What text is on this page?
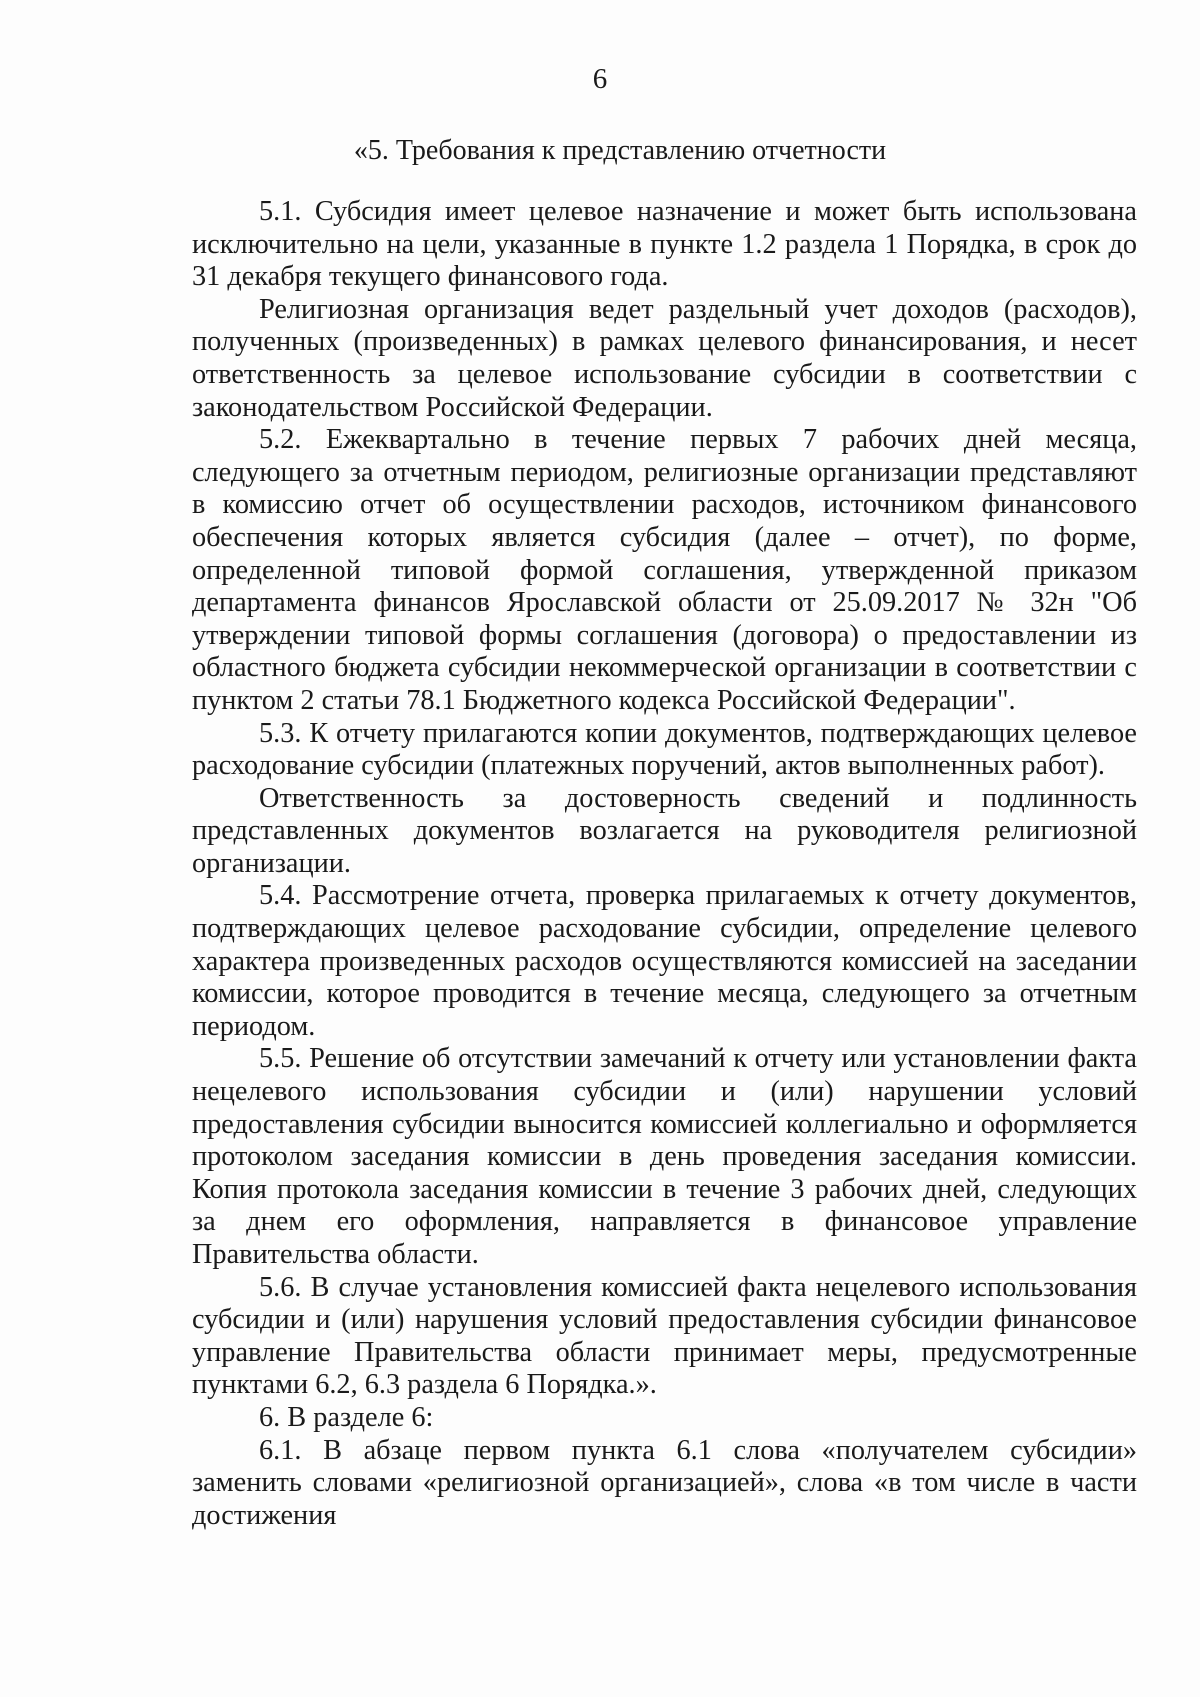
6
«5. Требования к представлению отчетности

5.1. Субсидия имеет целевое назначение и может быть использована исключительно на цели, указанные в пункте 1.2 раздела 1 Порядка, в срок до 31 декабря текущего финансового года.

Религиозная организация ведет раздельный учет доходов (расходов), полученных (произведенных) в рамках целевого финансирования, и несет ответственность за целевое использование субсидии в соответствии с законодательством Российской Федерации.

5.2. Ежеквартально в течение первых 7 рабочих дней месяца, следующего за отчетным периодом, религиозные организации представляют в комиссию отчет об осуществлении расходов, источником финансового обеспечения которых является субсидия (далее – отчет), по форме, определенной типовой формой соглашения, утвержденной приказом департамента финансов Ярославской области от 25.09.2017 № 32н "Об утверждении типовой формы соглашения (договора) о предоставлении из областного бюджета субсидии некоммерческой организации в соответствии с пунктом 2 статьи 78.1 Бюджетного кодекса Российской Федерации".

5.3. К отчету прилагаются копии документов, подтверждающих целевое расходование субсидии (платежных поручений, актов выполненных работ).

Ответственность за достоверность сведений и подлинность представленных документов возлагается на руководителя религиозной организации.

5.4. Рассмотрение отчета, проверка прилагаемых к отчету документов, подтверждающих целевое расходование субсидии, определение целевого характера произведенных расходов осуществляются комиссией на заседании комиссии, которое проводится в течение месяца, следующего за отчетным периодом.

5.5. Решение об отсутствии замечаний к отчету или установлении факта нецелевого использования субсидии и (или) нарушении условий предоставления субсидии выносится комиссией коллегиально и оформляется протоколом заседания комиссии в день проведения заседания комиссии. Копия протокола заседания комиссии в течение 3 рабочих дней, следующих за днем его оформления, направляется в финансовое управление Правительства области.

5.6. В случае установления комиссией факта нецелевого использования субсидии и (или) нарушения условий предоставления субсидии финансовое управление Правительства области принимает меры, предусмотренные пунктами 6.2, 6.3 раздела 6 Порядка.».

6. В разделе 6:

6.1. В абзаце первом пункта 6.1 слова «получателем субсидии» заменить словами «религиозной организацией», слова «в том числе в части достижения
